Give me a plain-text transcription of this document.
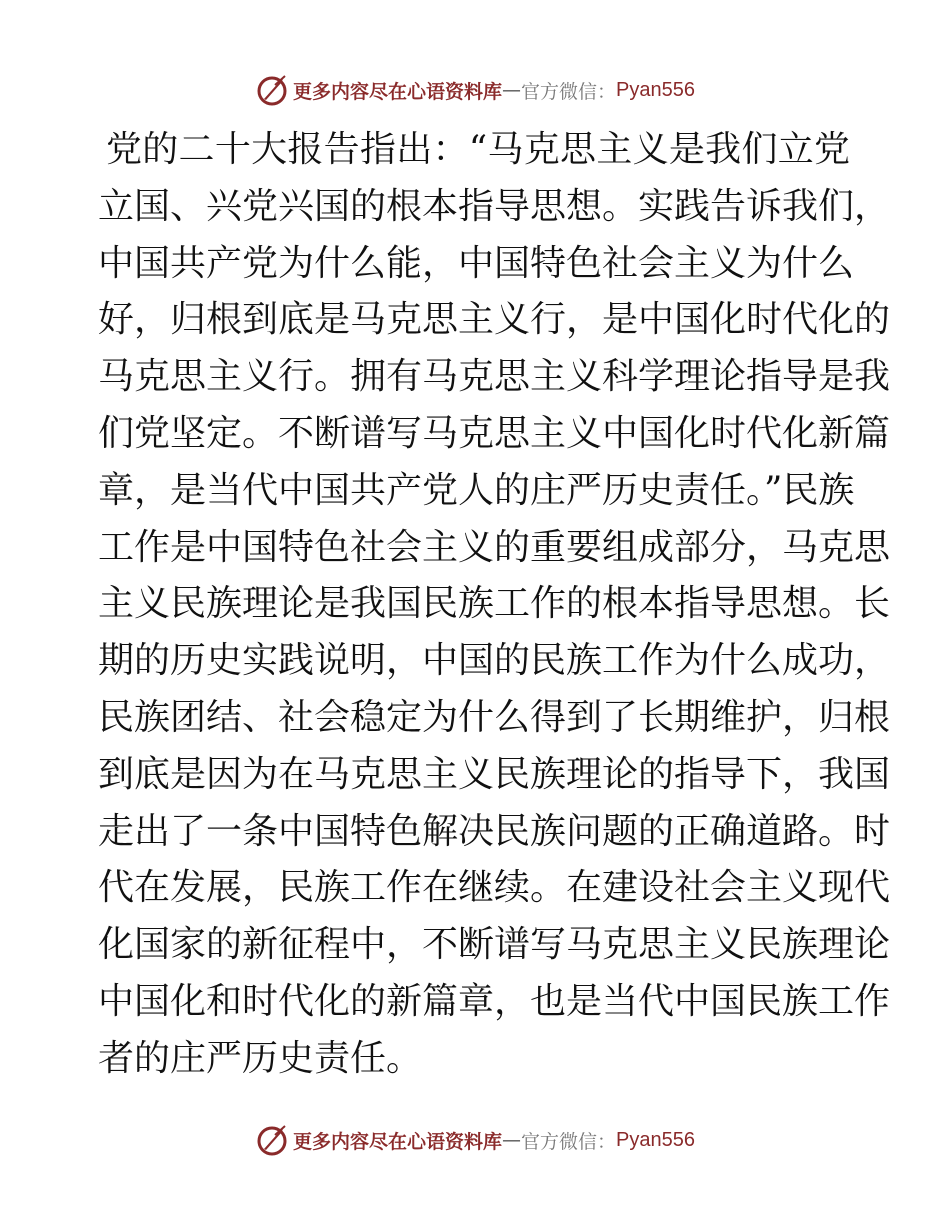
更多内容尽在心语资料库 — 官方微信： Pyan556
党的二十大报告指出：“马克思主义是我们立党
立国、兴党兴国的根本指导思想。实践告诉我们，
中国共产党为什么能，中国特色社会主义为什么
好，归根到底是马克思主义行，是中国化时代化的
马克思主义行。拥有马克思主义科学理论指导是我
们党坚定。不断谱写马克思主义中国化时代化新篇
章，是当代中国共产党人的庄严历史责任。”民族
工作是中国特色社会主义的重要组成部分，马克思
主义民族理论是我国民族工作的根本指导思想。长
期的历史实践说明，中国的民族工作为什么成功，
民族团结、社会稳定为什么得到了长期维护，归根
到底是因为在马克思主义民族理论的指导下，我国
走出了一条中国特色解决民族问题的正确道路。时
代在发展，民族工作在继续。在建设社会主义现代
化国家的新征程中，不断谱写马克思主义民族理论
中国化和时代化的新篇章，也是当代中国民族工作
者的庄严历史责任。
更多内容尽在心语资料库 — 官方微信： Pyan556
